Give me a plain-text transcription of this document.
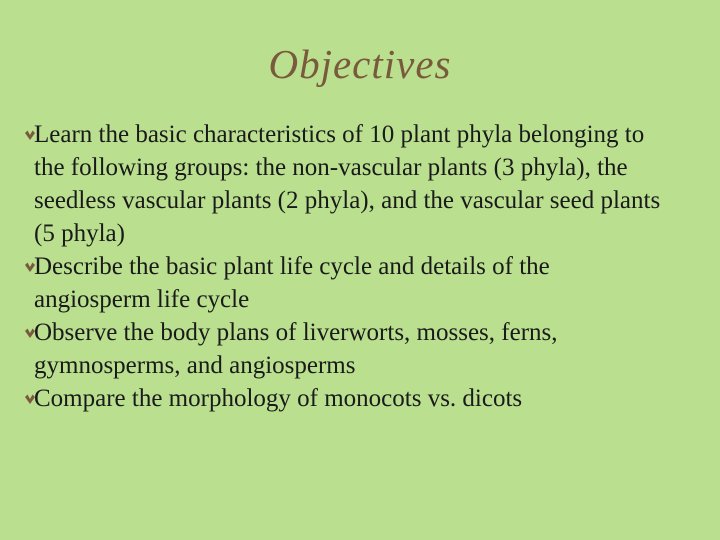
Objectives
Learn the basic characteristics of 10 plant phyla belonging to the following groups: the non-vascular plants (3 phyla), the seedless vascular plants (2 phyla), and the vascular seed plants (5 phyla)
Describe the basic plant life cycle and details of the angiosperm life cycle
Observe the body plans of liverworts, mosses, ferns, gymnosperms, and angiosperms
Compare the morphology of monocots vs. dicots
